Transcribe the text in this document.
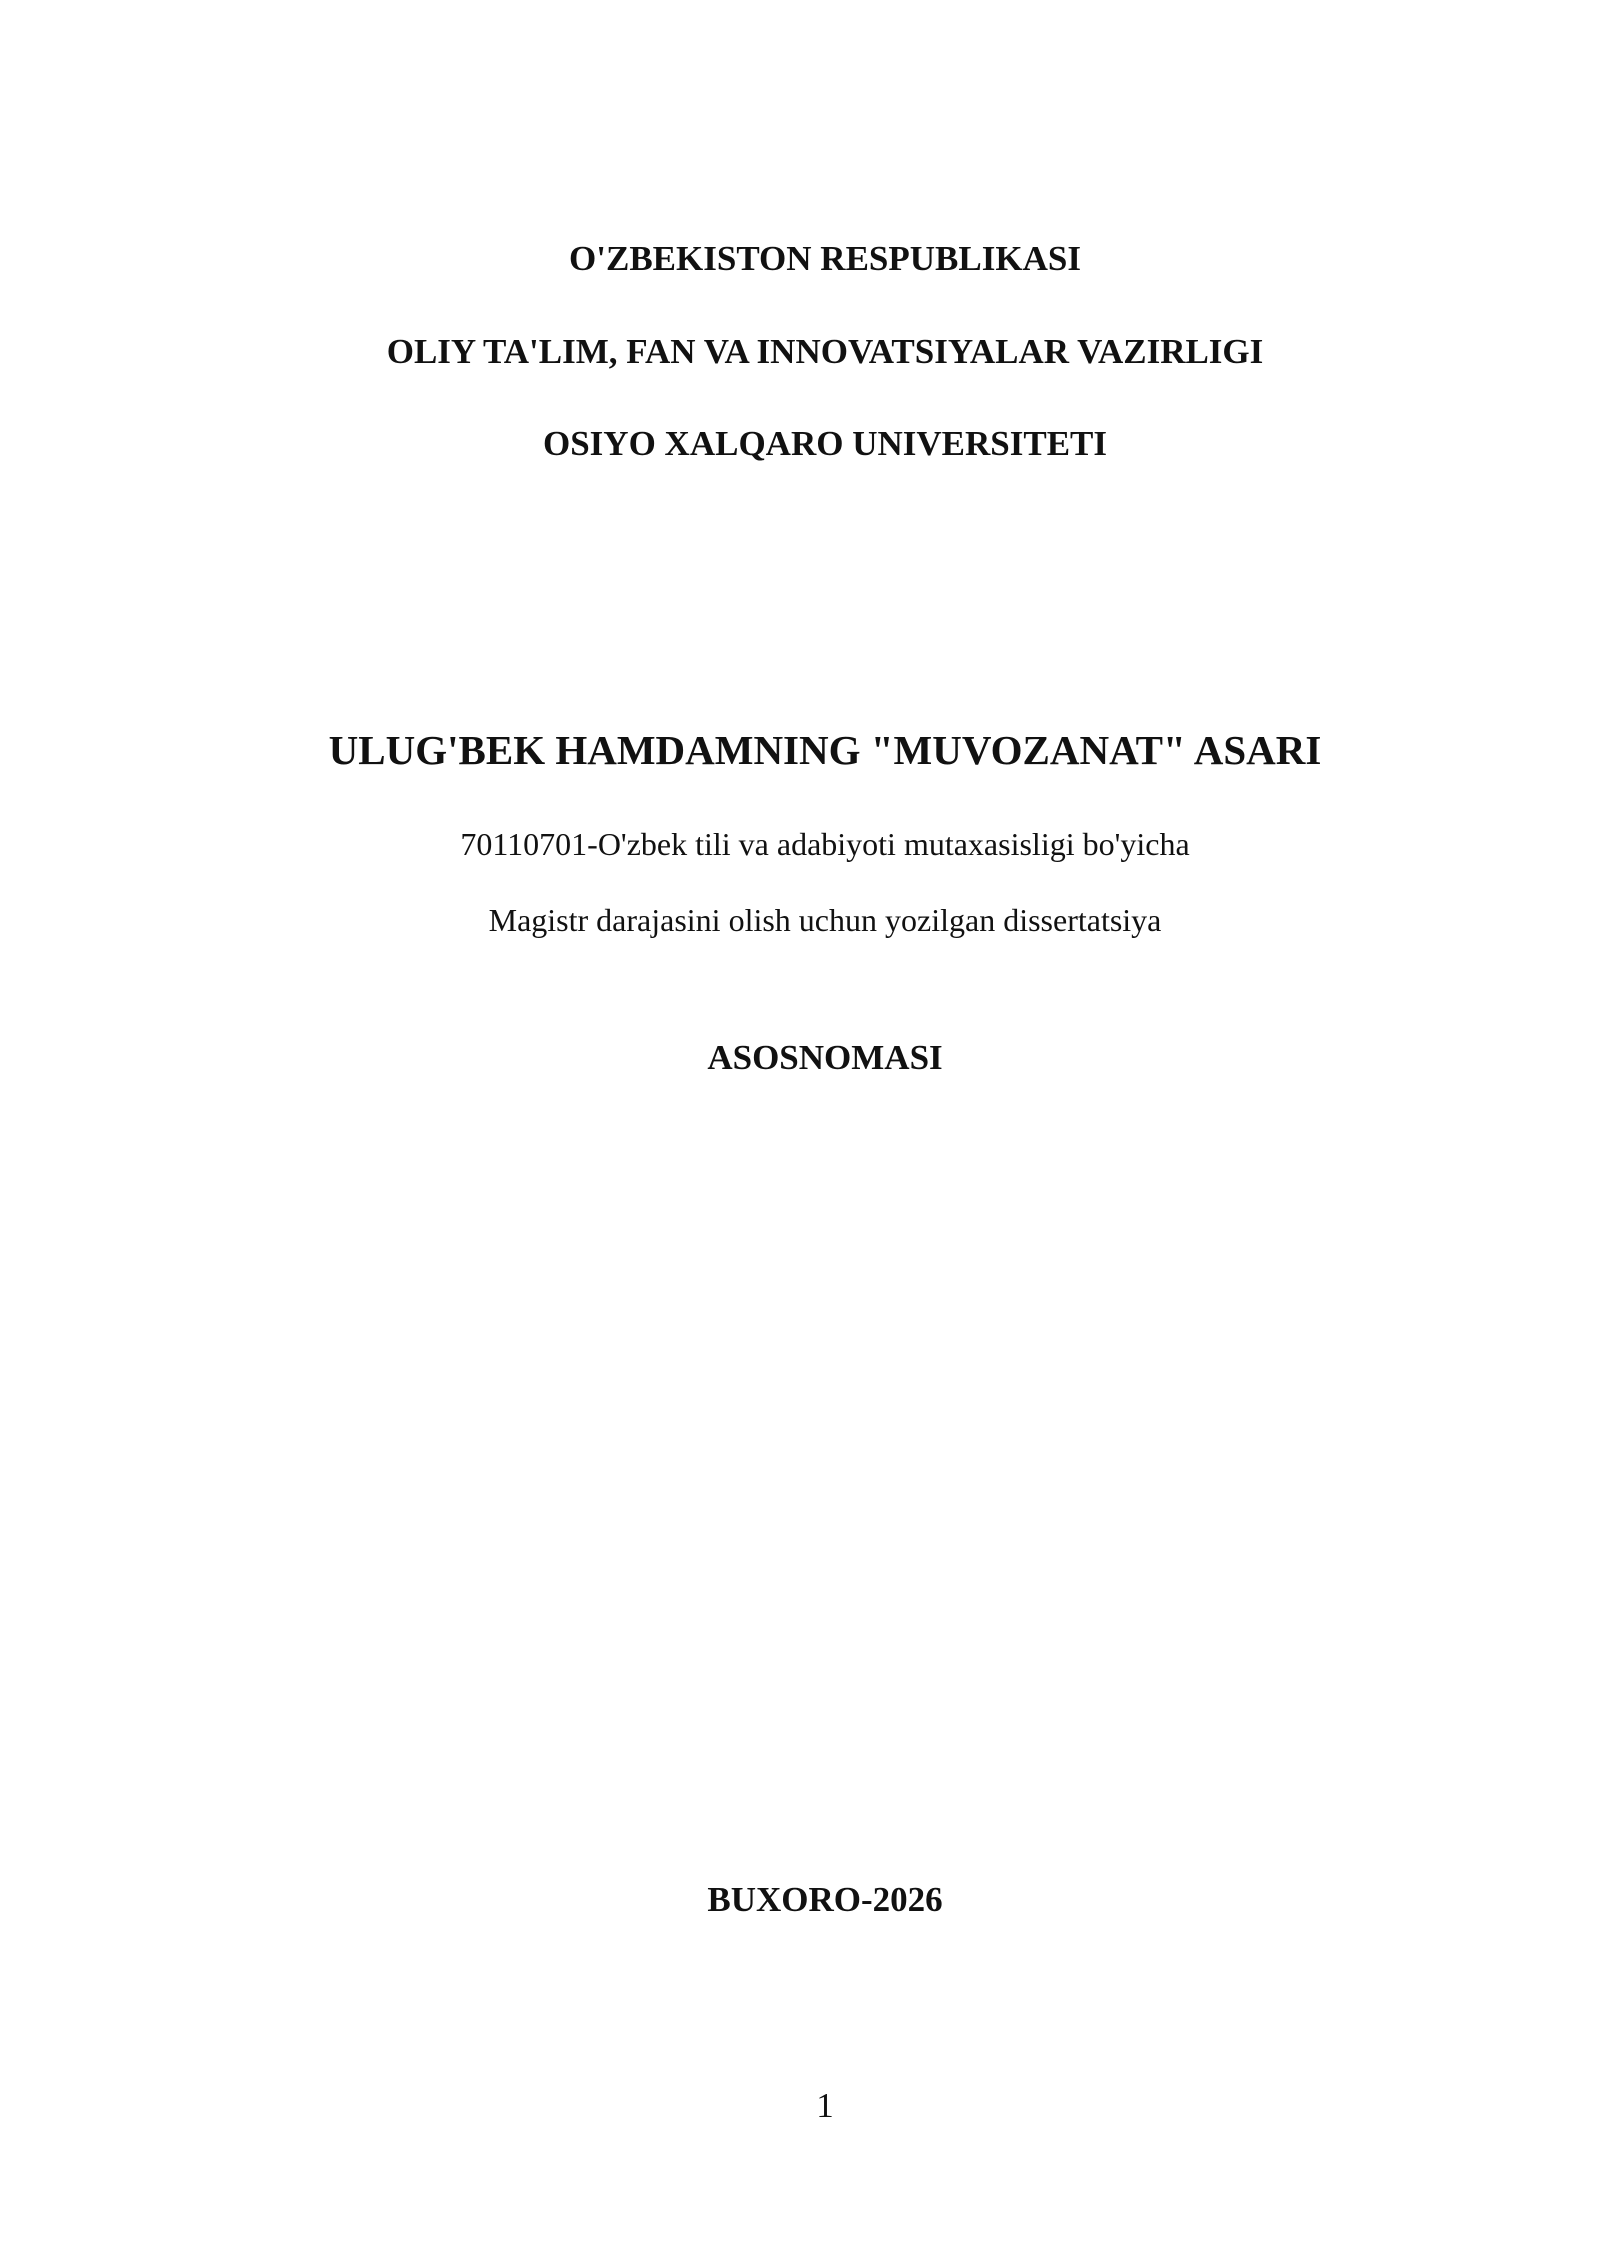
O'ZBEKISTON RESPUBLIKASI
OLIY TA'LIM, FAN VA INNOVATSIYALAR VAZIRLIGI
OSIYO XALQARO UNIVERSITETI
ULUG'BEK HAMDAMNING "MUVOZANAT" ASARI
70110701-O'zbek tili va adabiyoti mutaxasisligi bo'yicha
Magistr darajasini olish uchun yozilgan dissertatsiya
ASOSNOMASI
BUXORO-2026
1
